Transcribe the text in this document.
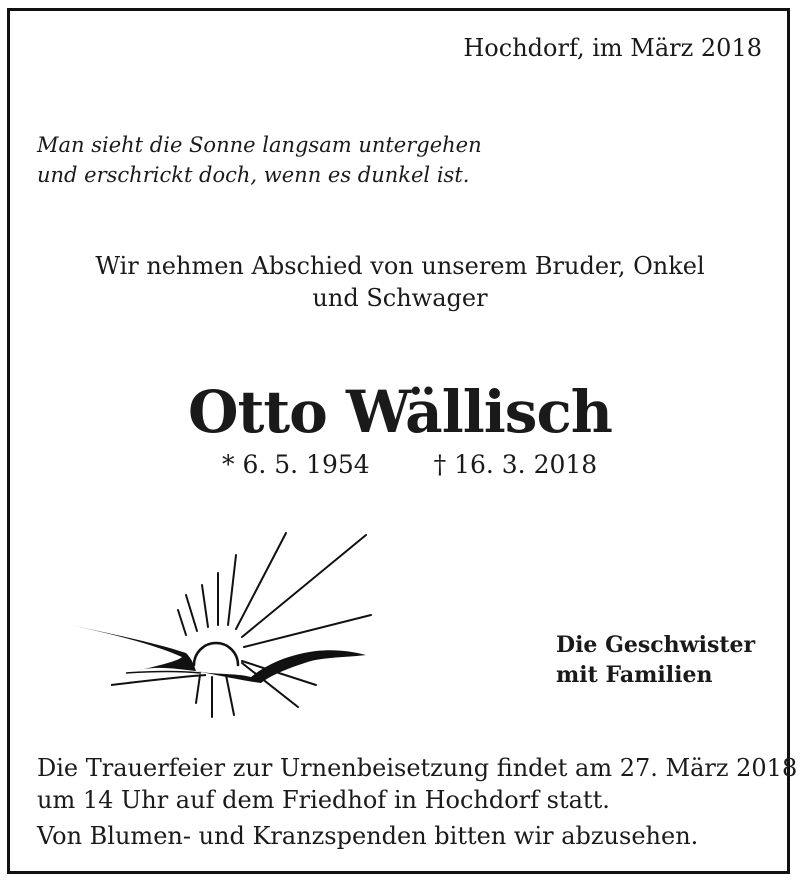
Hochdorf, im März 2018
Man sieht die Sonne langsam untergehen
und erschrickt doch, wenn es dunkel ist.
Wir nehmen Abschied von unserem Bruder, Onkel
und Schwager
Otto Wällisch
* 6. 5. 1954	† 16. 3. 2018
Die Geschwister
mit Familien
Die Trauerfeier zur Urnenbeisetzung findet am 27. März 2018
um 14 Uhr auf dem Friedhof in Hochdorf statt.
Von Blumen- und Kranzspenden bitten wir abzusehen.
